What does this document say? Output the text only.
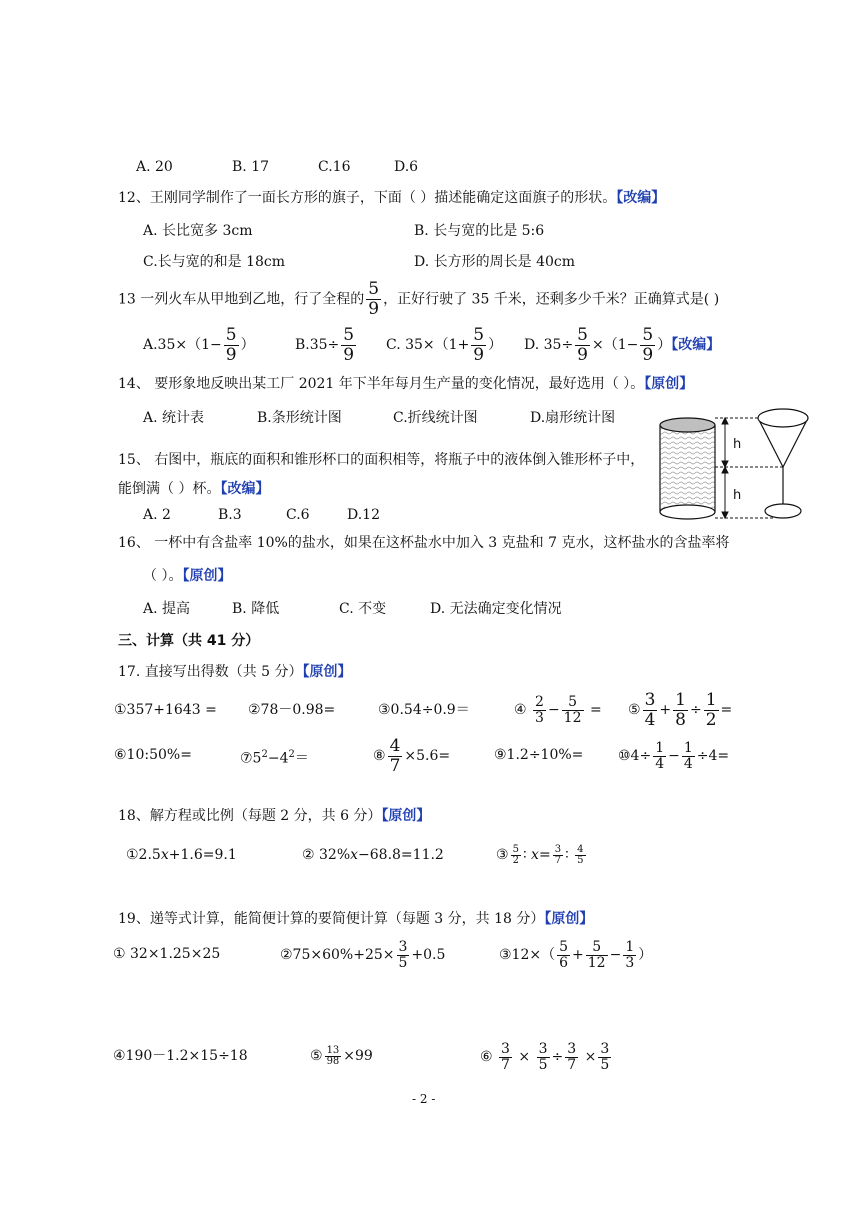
A. 20	B. 17	C.16	D.6
12、王刚同学制作了一面长方形的旗子，下面（ ）描述能确定这面旗子的形状。【改编】
A. 长比宽多 3cm	B. 长与宽的比是 5:6
C.长与宽的和是 18cm	D. 长方形的周长是 40cm
13 一列火车从甲地到乙地，行了全程的 $\frac{5}{9}$ ，正好行驶了 35 千米，还剩多少千米？正确算式是( )
$A.35\times(1- \frac{5}{9}$ ）	$B.35\div \frac{5}{9} C$. $35\times(1+ \frac{5}{9}$ ） D. $35\div \frac{5}{9} \times(1- \frac{5}{9}$ ）【改编】
14、 要形象地反映出某工厂 2021 年下半年每月生产量的变化情况，最好选用（ ）。【原创】
A. 统计表	B.条形统计图	C.折线统计图	D.扇形统计图
15、 右图中，瓶底的面积和锥形杯口的面积相等，将瓶子中的液体倒入锥形杯子中，
能倒满（ ）杯。【改编】
A. 2	B.3	C.6	D.12
h
h
16、 一杯中有含盐率 10%的盐水，如果在这杯盐水中加入 3 克盐和 7 克水，这杯盐水的含盐率将
（ ）。【原创】
A. 提高	B. 降低	C. 不变	D. 无法确定变化情况
三、计算（共 41 分）
17. 直接写出得数（共 5 分）【原创】
①357+1643 = ②78－0.98=	③0.54÷0.9＝	④ $\frac{2}{3} - \frac{5}{12}$ = ⑤ $\frac{3}{4} + \frac{1}{8} \div \frac{1}{2}$ =
⑥10:50%=	$⑦5^2-4^2=$	⑧ $\frac{4}{7} \times 5.6=$	⑨1.2÷10%= ⑩4÷ $\frac{1}{4} - \frac{1}{4} \div 4=$
18、解方程或比例（每题 2 分，共 6 分）【原创】
①2.5x+1.6=9.1	② 32%x−68.8=11.2	③ $\frac{5}{2}$ ∶ $x= \frac{3}{7}$ ∶ $\frac{4}{5}$
19、递等式计算，能简便计算的要简便计算（每题 3 分，共 18 分）【原创】
① 32×1.25×25	②75×60%+25× $\frac{3}{5} +0.5$	③12×（ $\frac{5}{6} + \frac{5}{12} - \frac{1}{3}$ ）
④190－1.2×15÷18	⑤ $\frac{13}{98} \times 99$	⑥ $\frac{3}{7} \times \frac{3}{5} \div \frac{3}{7} \times \frac{3}{5}$
- 2 -
